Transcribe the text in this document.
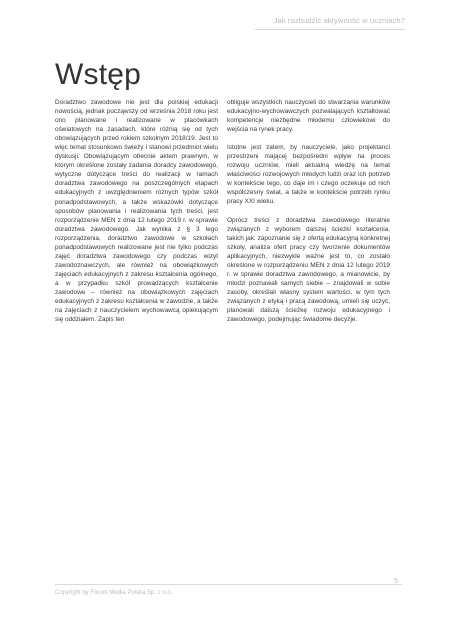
Jak rozbudzić aktywność w uczniach?
Wstęp

Doradztwo zawodowe nie jest dla polskiej edukacji nowością, jednak począwszy od września 2018 roku jest ono planowane i realizowane w placówkach oświatowych na zasadach, które różnią się od tych obowiązujących przed rokiem szkolnym 2018/19. Jest to więc temat stosunkowo świeży i stanowi przedmiot wielu dyskusji. Obowiązującym obecnie aktem prawnym, w którym określone zostały zadania doradcy zawodowego, wytyczne dotyczące treści do realizacji w ramach doradztwa zawodowego na poszczególnych etapach edukacyjnych z uwzględnieniem różnych typów szkół ponadpodstawowych, a także wskazówki dotyczące sposobów planowania i realizowania tych treści, jest rozporządzenie MEN z dnia 12 lutego 2019 r. w sprawie doradztwa zawodowego. Jak wynika z § 3 tego rozporządzenia, doradztwo zawodowe w szkołach ponadpodstawowych realizowane jest nie tylko podczas zajęć doradztwa zawodowego czy podczas wizyt zawodoznawczych, ale również na obowiązkowych zajęciach edukacyjnych z zakresu kształcenia ogólnego, a w przypadku szkół prowadzących kształcenie zawodowe – również na obowiązkowych zajęciach edukacyjnych z zakresu kształcenia w zawodzie, a także na zajęciach z nauczycielem wychowawcą opiekującym się oddziałem. Zapis ten

obliguje wszystkich nauczycieli do stwarzania warunków edukacyjno-wychowawczych pozwalających kształtować kompetencje niezbędne młodemu człowiekowi do wejścia na rynek pracy.

Istotne jest zatem, by nauczyciele, jako projektanci przestrzeni mającej bezpośredni wpływ na proces rozwoju uczniów, mieli aktualną wiedzę na temat właściwości rozwojowych młodych ludzi oraz ich potrzeb w kontekście tego, co daje im i czego oczekuje od nich współczesny świat, a także w kontekście potrzeb rynku pracy XXI wieku.

Oprócz treści z doradztwa zawodowego literalnie związanych z wyborem dalszej ścieżki kształcenia, takich jak: zapoznanie się z ofertą edukacyjną konkretnej szkoły, analiza ofert pracy czy tworzenie dokumentów aplikacyjnych, niezwykle ważne jest to, co zostało określone w rozporządzeniu MEN z dnia 12 lutego 2019 r. w sprawie doradztwa zawodowego, a mianowicie, by młodzi poznawali samych siebie – znajdowali w sobie zasoby, określali własny system wartości, w tym tych związanych z etyką i pracą zawodową, umieli się uczyć, planowali dalszą ścieżkę rozwoju edukacyjnego i zawodowego, podejmując świadome decyzje.

5
Copyright by Forum Media Polska Sp. z o.o.
